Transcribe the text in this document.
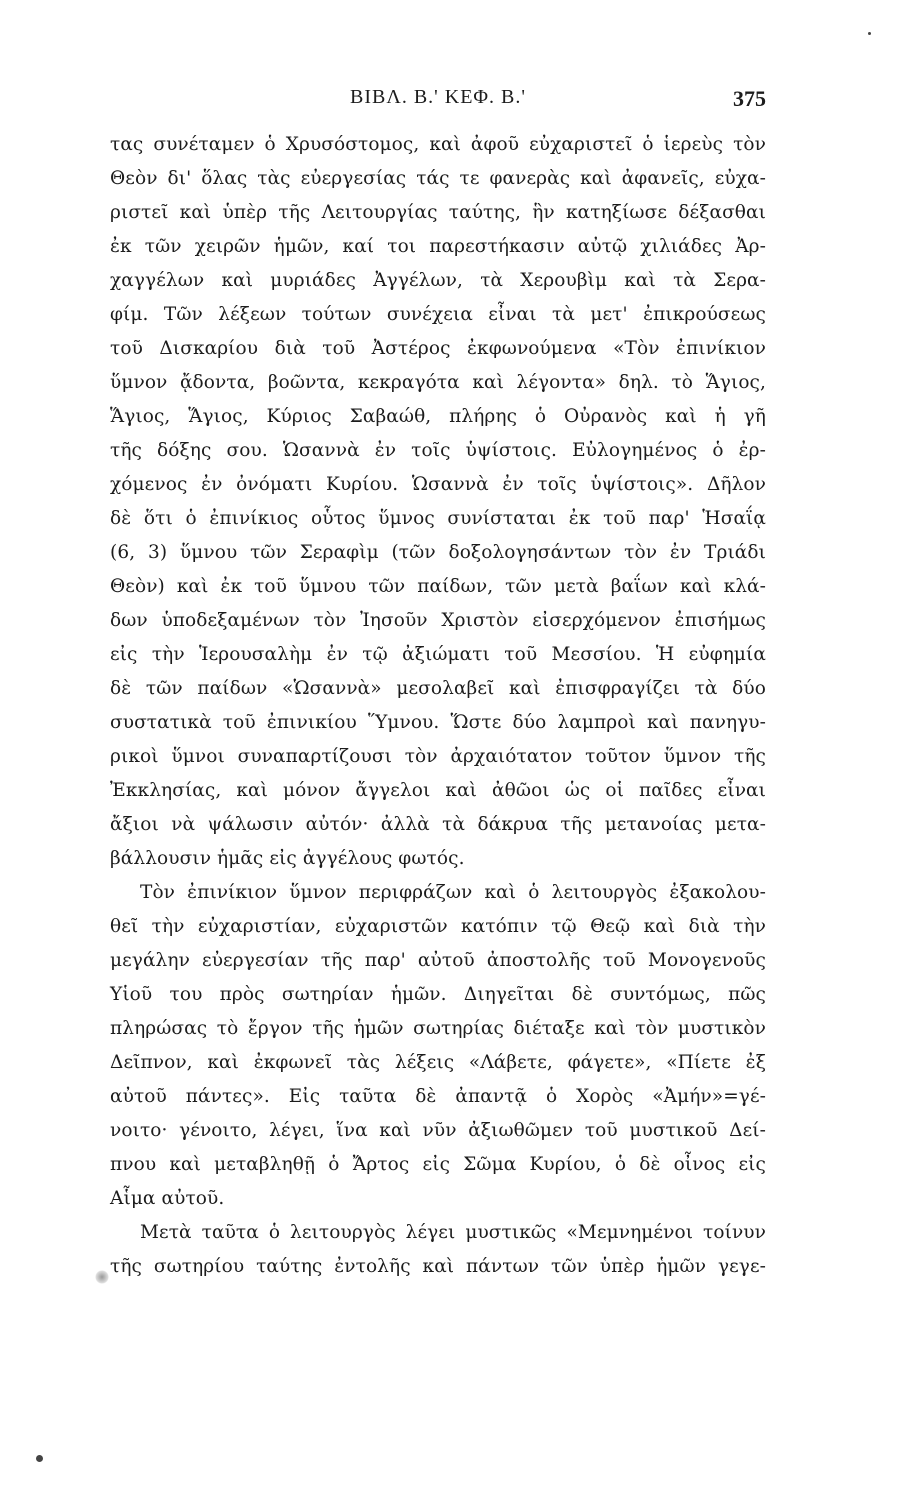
ΒΙΒΛ. Β.' ΚΕΦ. Β.'	375
τας συνέταμεν ὁ Χρυσόστομος, καὶ ἀφοῦ εὐχαριστεῖ ὁ ἱερεὺς τὸν
Θεὸν δι' ὅλας τὰς εὐεργεσίας τάς τε φανερὰς καὶ ἀφανεῖς, εὐχα-
ριστεῖ καὶ ὑπὲρ τῆς Λειτουργίας ταύτης, ἣν κατηξίωσε δέξασθαι
ἐκ τῶν χειρῶν ἡμῶν, καί τοι παρεστήκασιν αὐτῷ χιλιάδες Ἀρ-
χαγγέλων καὶ μυριάδες Ἀγγέλων, τὰ Χερουβὶμ καὶ τὰ Σερα-
φίμ. Τῶν λέξεων τούτων συνέχεια εἶναι τὰ μετ' ἐπικρούσεως
τοῦ Δισκαρίου διὰ τοῦ Ἀστέρος ἐκφωνούμενα «Τὸν ἐπινίκιον
ὕμνον ᾄδοντα, βοῶντα, κεκραγότα καὶ λέγοντα» δηλ. τὸ Ἅγιος,
Ἅγιος, Ἅγιος, Κύριος Σαβαώθ, πλήρης ὁ Οὐρανὸς καὶ ἡ γῆ
τῆς δόξης σου. Ὡσαννὰ ἐν τοῖς ὑψίστοις. Εὐλογημένος ὁ ἐρ-
χόμενος ἐν ὀνόματι Κυρίου. Ὡσαννὰ ἐν τοῖς ὑψίστοις». Δῆλον
δὲ ὅτι ὁ ἐπινίκιος οὗτος ὕμνος συνίσταται ἐκ τοῦ παρ' Ἡσαΐᾳ
(6, 3) ὕμνου τῶν Σεραφὶμ (τῶν δοξολογησάντων τὸν ἐν Τριάδι
Θεὸν) καὶ ἐκ τοῦ ὕμνου τῶν παίδων, τῶν μετὰ βαΐων καὶ κλά-
δων ὑποδεξαμένων τὸν Ἰησοῦν Χριστὸν εἰσερχόμενον ἐπισήμως
εἰς τὴν Ἱερουσαλὴμ ἐν τῷ ἀξιώματι τοῦ Μεσσίου. Ἡ εὐφημία
δὲ τῶν παίδων «Ὡσαννὰ» μεσολαβεῖ καὶ ἐπισφραγίζει τὰ δύο
συστατικὰ τοῦ ἐπινικίου Ὕμνου. Ὥστε δύο λαμπροὶ καὶ πανηγυ-
ρικοὶ ὕμνοι συναπαρτίζουσι τὸν ἀρχαιότατον τοῦτον ὕμνον τῆς
Ἐκκλησίας, καὶ μόνον ἄγγελοι καὶ ἀθῶοι ὡς οἱ παῖδες εἶναι
ἄξιοι νὰ ψάλωσιν αὐτόν· ἀλλὰ τὰ δάκρυα τῆς μετανοίας μετα-
βάλλουσιν ἡμᾶς εἰς ἀγγέλους φωτός.
Τὸν ἐπινίκιον ὕμνον περιφράζων καὶ ὁ λειτουργὸς ἐξακολου-
θεῖ τὴν εὐχαριστίαν, εὐχαριστῶν κατόπιν τῷ Θεῷ καὶ διὰ τὴν
μεγάλην εὐεργεσίαν τῆς παρ' αὐτοῦ ἀποστολῆς τοῦ Μονογενοῦς
Υἱοῦ του πρὸς σωτηρίαν ἡμῶν. Διηγεῖται δὲ συντόμως, πῶς
πληρώσας τὸ ἔργον τῆς ἡμῶν σωτηρίας διέταξε καὶ τὸν μυστικὸν
Δεῖπνον, καὶ ἐκφωνεῖ τὰς λέξεις «Λάβετε, φάγετε», «Πίετε ἐξ
αὐτοῦ πάντες». Εἰς ταῦτα δὲ ἀπαντᾷ ὁ Χορὸς «Ἀμήν»=γέ-
νοιτο· γένοιτο, λέγει, ἵνα καὶ νῦν ἀξιωθῶμεν τοῦ μυστικοῦ Δεί-
πνου καὶ μεταβληθῇ ὁ Ἄρτος εἰς Σῶμα Κυρίου, ὁ δὲ οἶνος εἰς
Αἷμα αὐτοῦ.
Μετὰ ταῦτα ὁ λειτουργὸς λέγει μυστικῶς «Μεμνημένοι τοίνυν
τῆς σωτηρίου ταύτης ἐντολῆς καὶ πάντων τῶν ὑπὲρ ἡμῶν γεγε-
